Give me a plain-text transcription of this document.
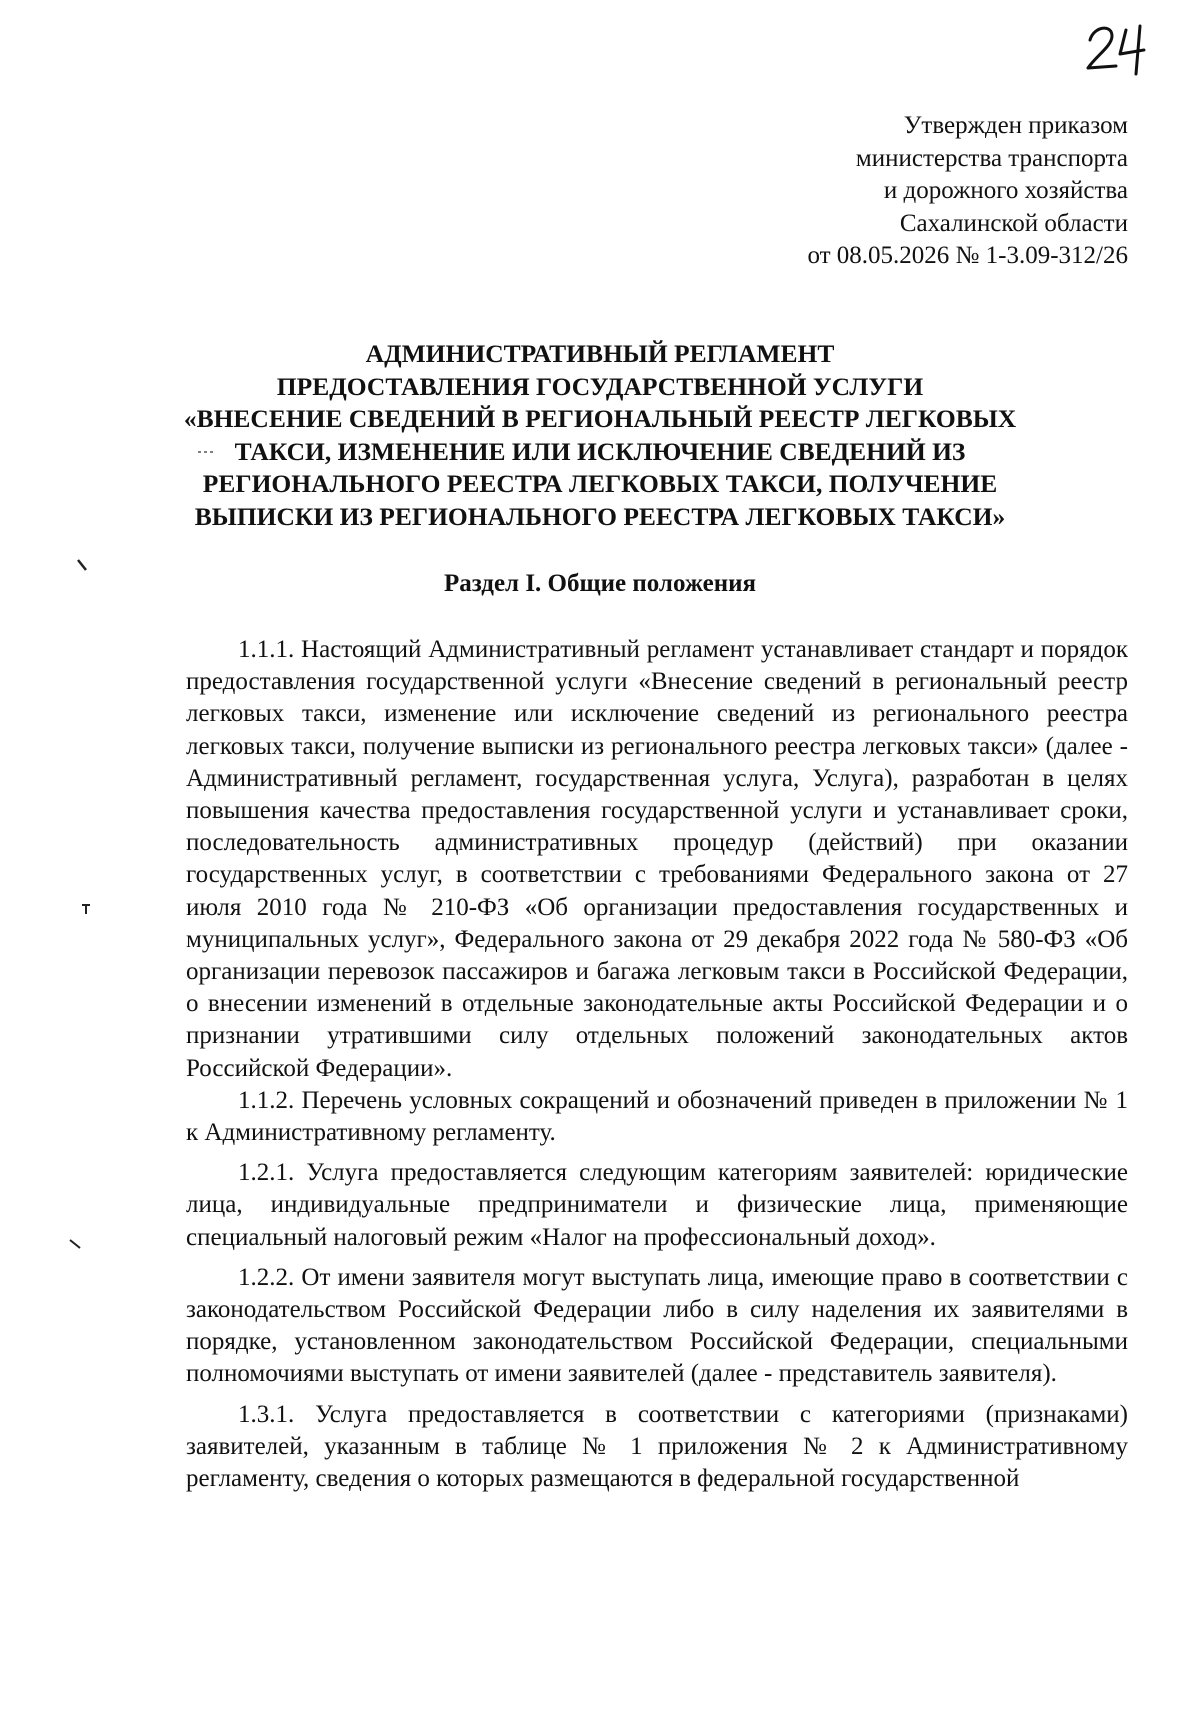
Утвержден приказом
министерства транспорта
и дорожного хозяйства
Сахалинской области
от 08.05.2026 № 1-3.09-312/26
АДМИНИСТРАТИВНЫЙ РЕГЛАМЕНТ
ПРЕДОСТАВЛЕНИЯ ГОСУДАРСТВЕННОЙ УСЛУГИ
«ВНЕСЕНИЕ СВЕДЕНИЙ В РЕГИОНАЛЬНЫЙ РЕЕСТР ЛЕГКОВЫХ
ТАКСИ, ИЗМЕНЕНИЕ ИЛИ ИСКЛЮЧЕНИЕ СВЕДЕНИЙ ИЗ
РЕГИОНАЛЬНОГО РЕЕСТРА ЛЕГКОВЫХ ТАКСИ, ПОЛУЧЕНИЕ
ВЫПИСКИ ИЗ РЕГИОНАЛЬНОГО РЕЕСТРА ЛЕГКОВЫХ ТАКСИ»
Раздел I. Общие положения

1.1.1. Настоящий Административный регламент устанавливает стандарт и порядок предоставления государственной услуги «Внесение сведений в региональный реестр легковых такси, изменение или исключение сведений из регионального реестра легковых такси, получение выписки из регионального реестра легковых такси» (далее - Административный регламент, государственная услуга, Услуга), разработан в целях повышения качества предоставления государственной услуги и устанавливает сроки, последовательность административных процедур (действий) при оказании государственных услуг, в соответствии с требованиями Федерального закона от 27 июля 2010 года № 210-ФЗ «Об организации предоставления государственных и муниципальных услуг», Федерального закона от 29 декабря 2022 года № 580-ФЗ «Об организации перевозок пассажиров и багажа легковым такси в Российской Федерации, о внесении изменений в отдельные законодательные акты Российской Федерации и о признании утратившими силу отдельных положений законодательных актов Российской Федерации».

1.1.2. Перечень условных сокращений и обозначений приведен в приложении № 1 к Административному регламенту.

1.2.1. Услуга предоставляется следующим категориям заявителей: юридические лица, индивидуальные предприниматели и физические лица, применяющие специальный налоговый режим «Налог на профессиональный доход».

1.2.2. От имени заявителя могут выступать лица, имеющие право в соответствии с законодательством Российской Федерации либо в силу наделения их заявителями в порядке, установленном законодательством Российской Федерации, специальными полномочиями выступать от имени заявителей (далее - представитель заявителя).

1.3.1. Услуга предоставляется в соответствии с категориями (признаками) заявителей, указанным в таблице № 1 приложения № 2 к Административному регламенту, сведения о которых размещаются в федеральной государственной
